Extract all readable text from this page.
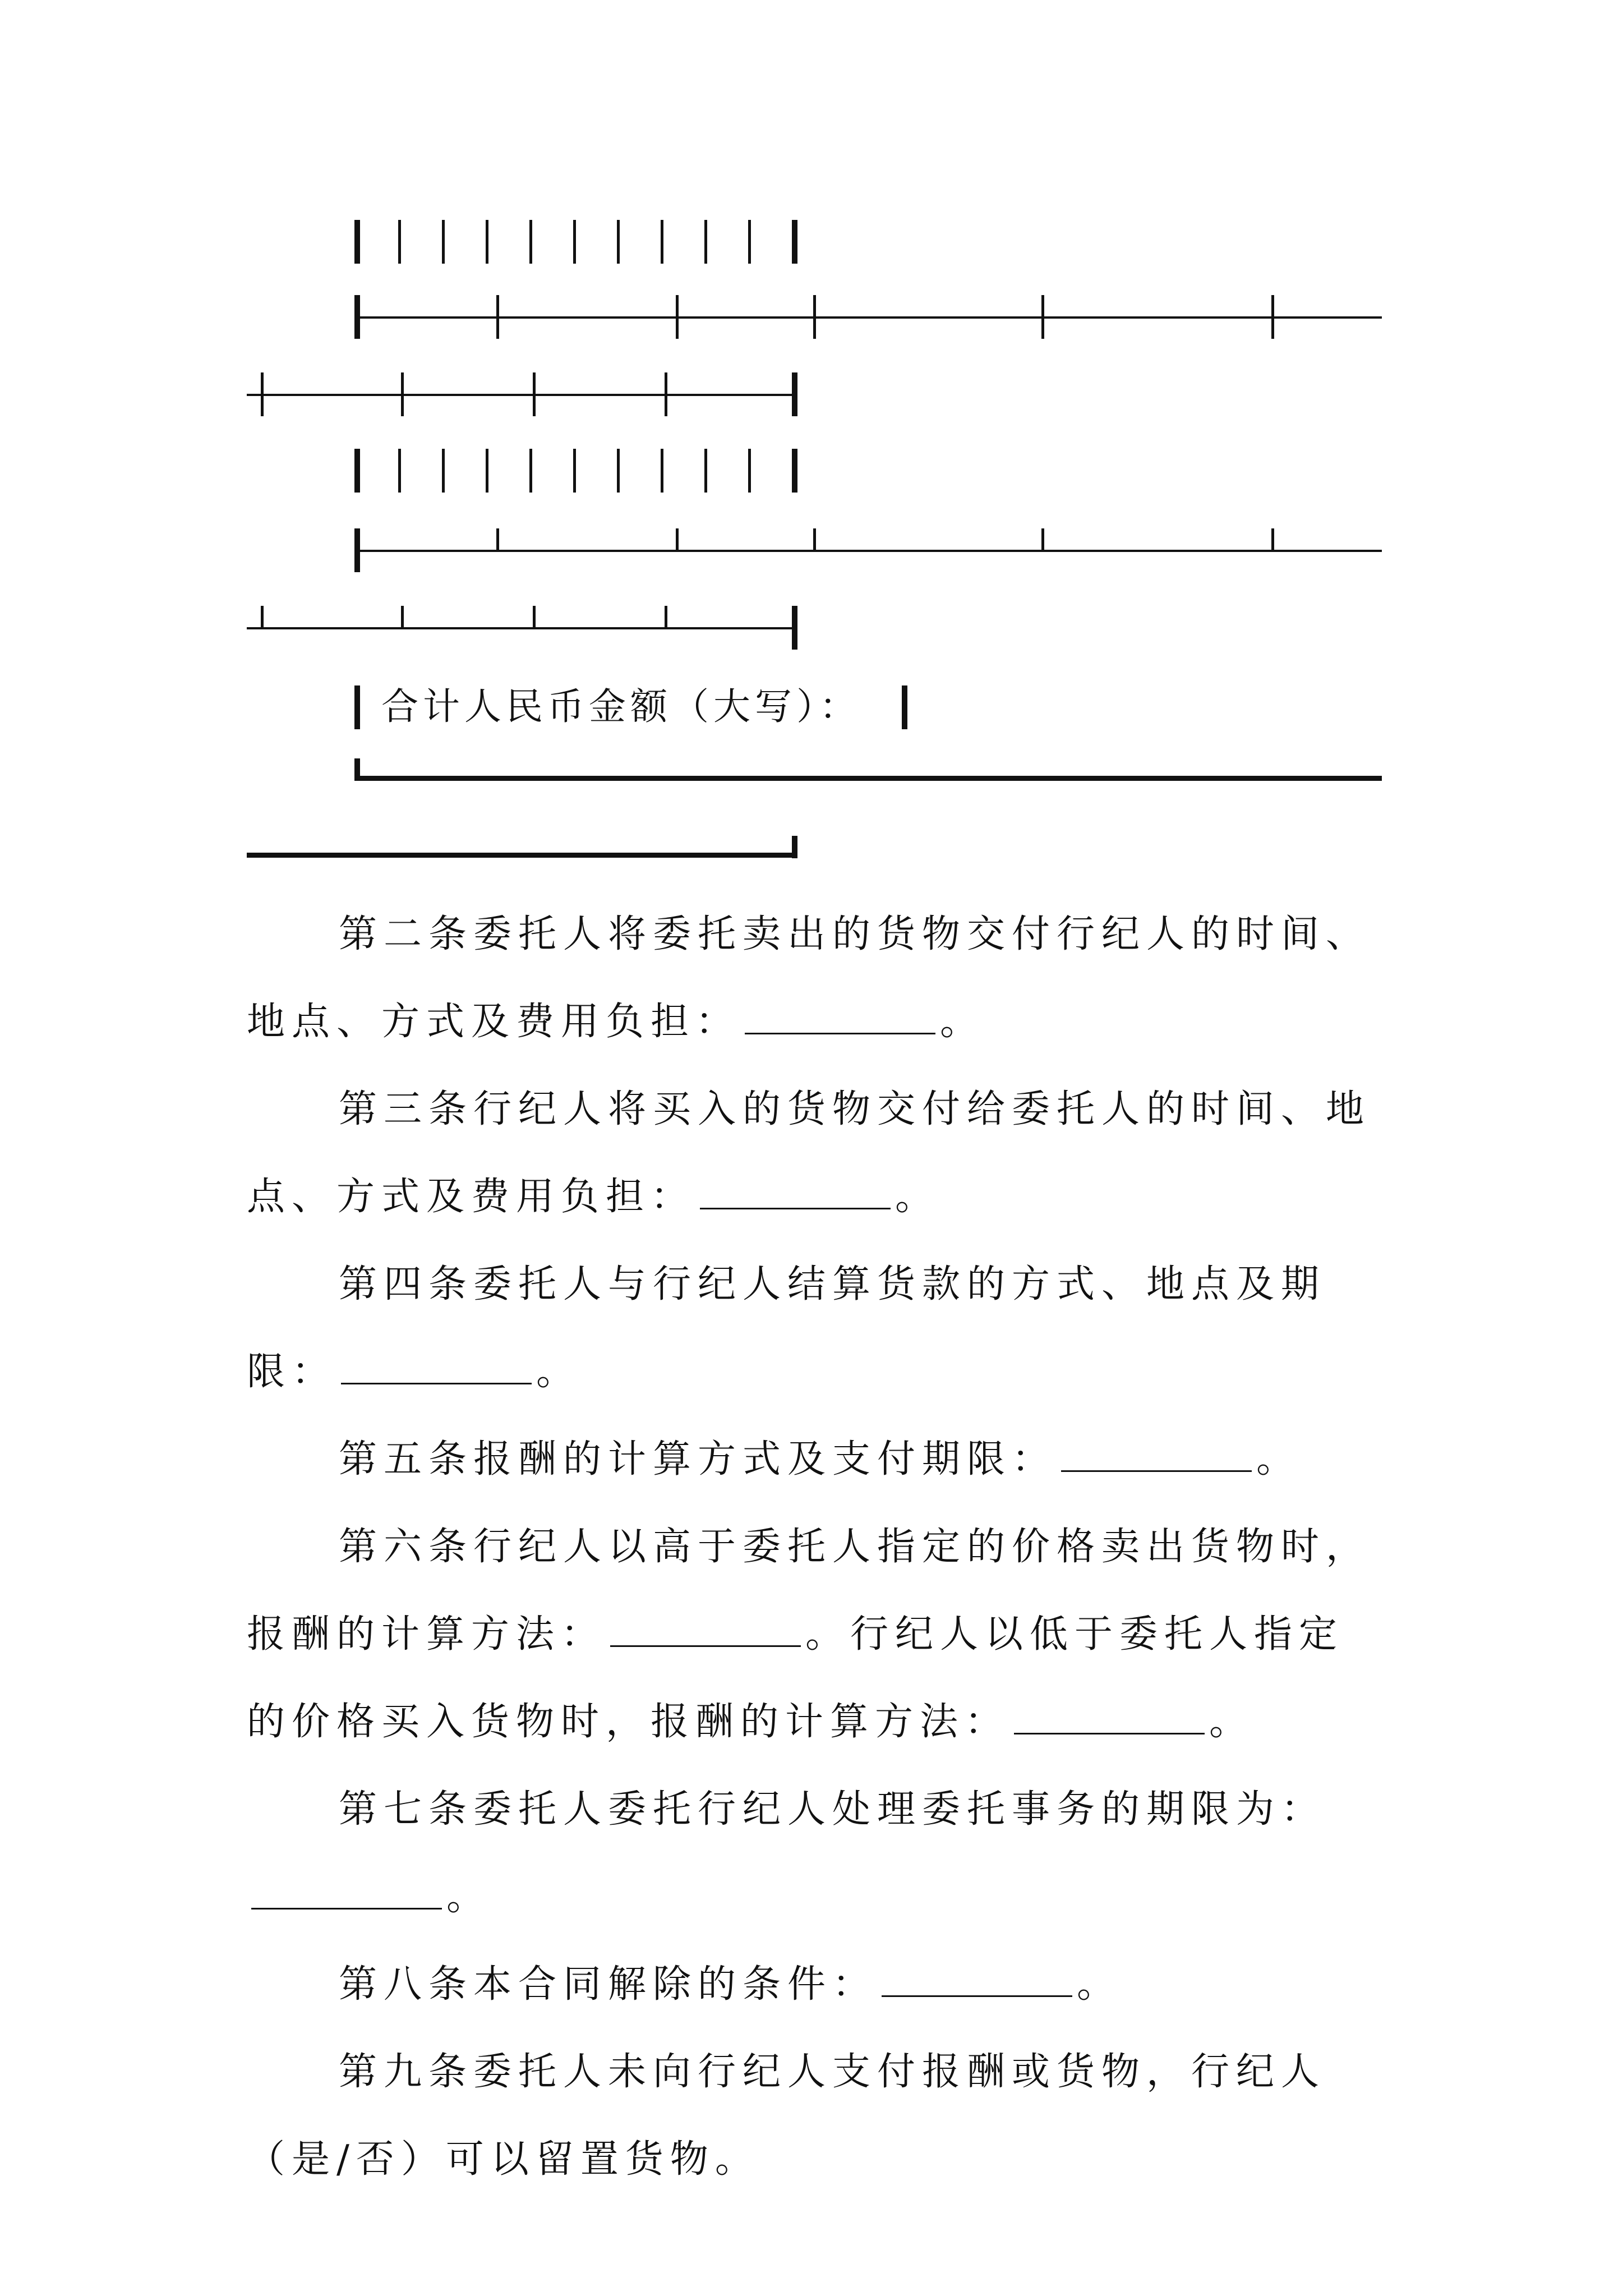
合计人民币金额（大写）：

第二条委托人将委托卖出的货物交付行纪人的时间、地点、方式及费用负担：	。

第三条行纪人将买入的货物交付给委托人的时间、地点、方式及费用负担：	。

第四条委托人与行纪人结算货款的方式、地点及期限：	。

第五条报酬的计算方式及支付期限：	。

第六条行纪人以高于委托人指定的价格卖出货物时，报酬的计算方法：	。行纪人以低于委托人指定的价格买入货物时，报酬的计算方法：	。

第七条委托人委托行纪人处理委托事务的期限为：。

第八条本合同解除的条件：	。

第九条委托人未向行纪人支付报酬或货物，行纪人（是/否）可以留置货物。
